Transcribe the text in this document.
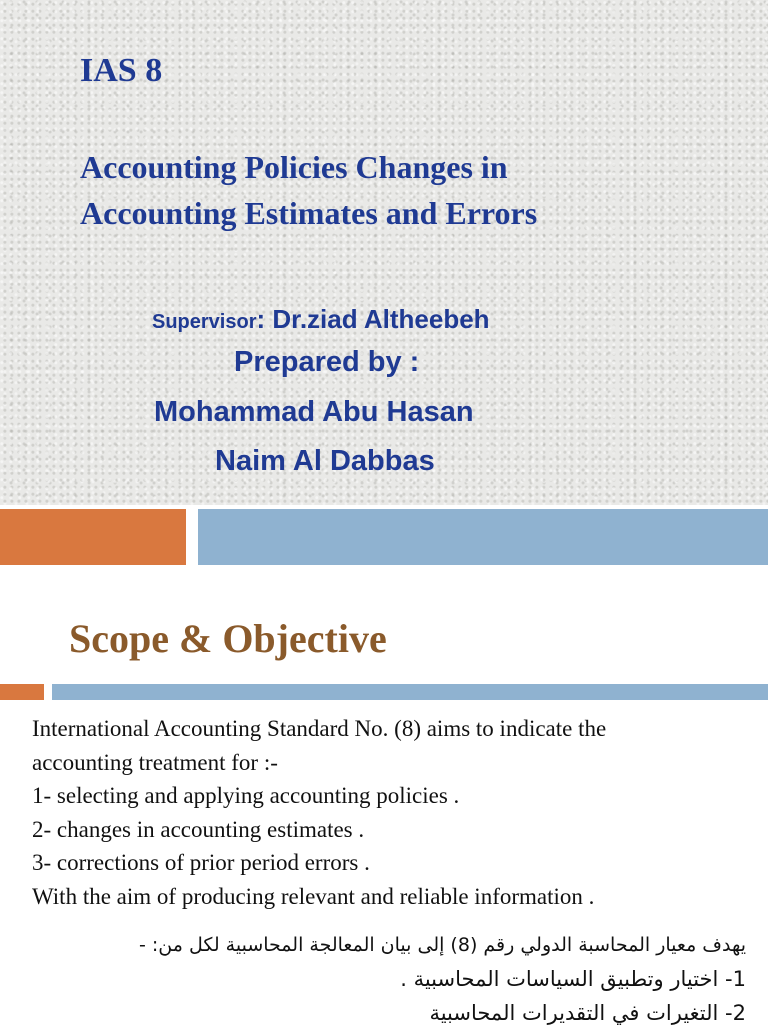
IAS 8
Accounting Policies Changes in
Accounting Estimates and Errors
Supervisor: Dr.ziad Altheebeh
Prepared by :
Mohammad Abu Hasan
Naim Al Dabbas
Scope & Objective
International Accounting Standard No. (8) aims to indicate the
accounting treatment for :-
1- selecting and applying accounting policies .
2- changes in accounting estimates .
3- corrections of prior period errors .
With the aim of producing relevant and reliable information .
يهدف معيار المحاسبة الدولي رقم (8) إلى بيان المعالجة المحاسبية لكل من: -
1- اختيار وتطبيق السياسات المحاسبية .
2- التغيرات في التقديرات المحاسبية
